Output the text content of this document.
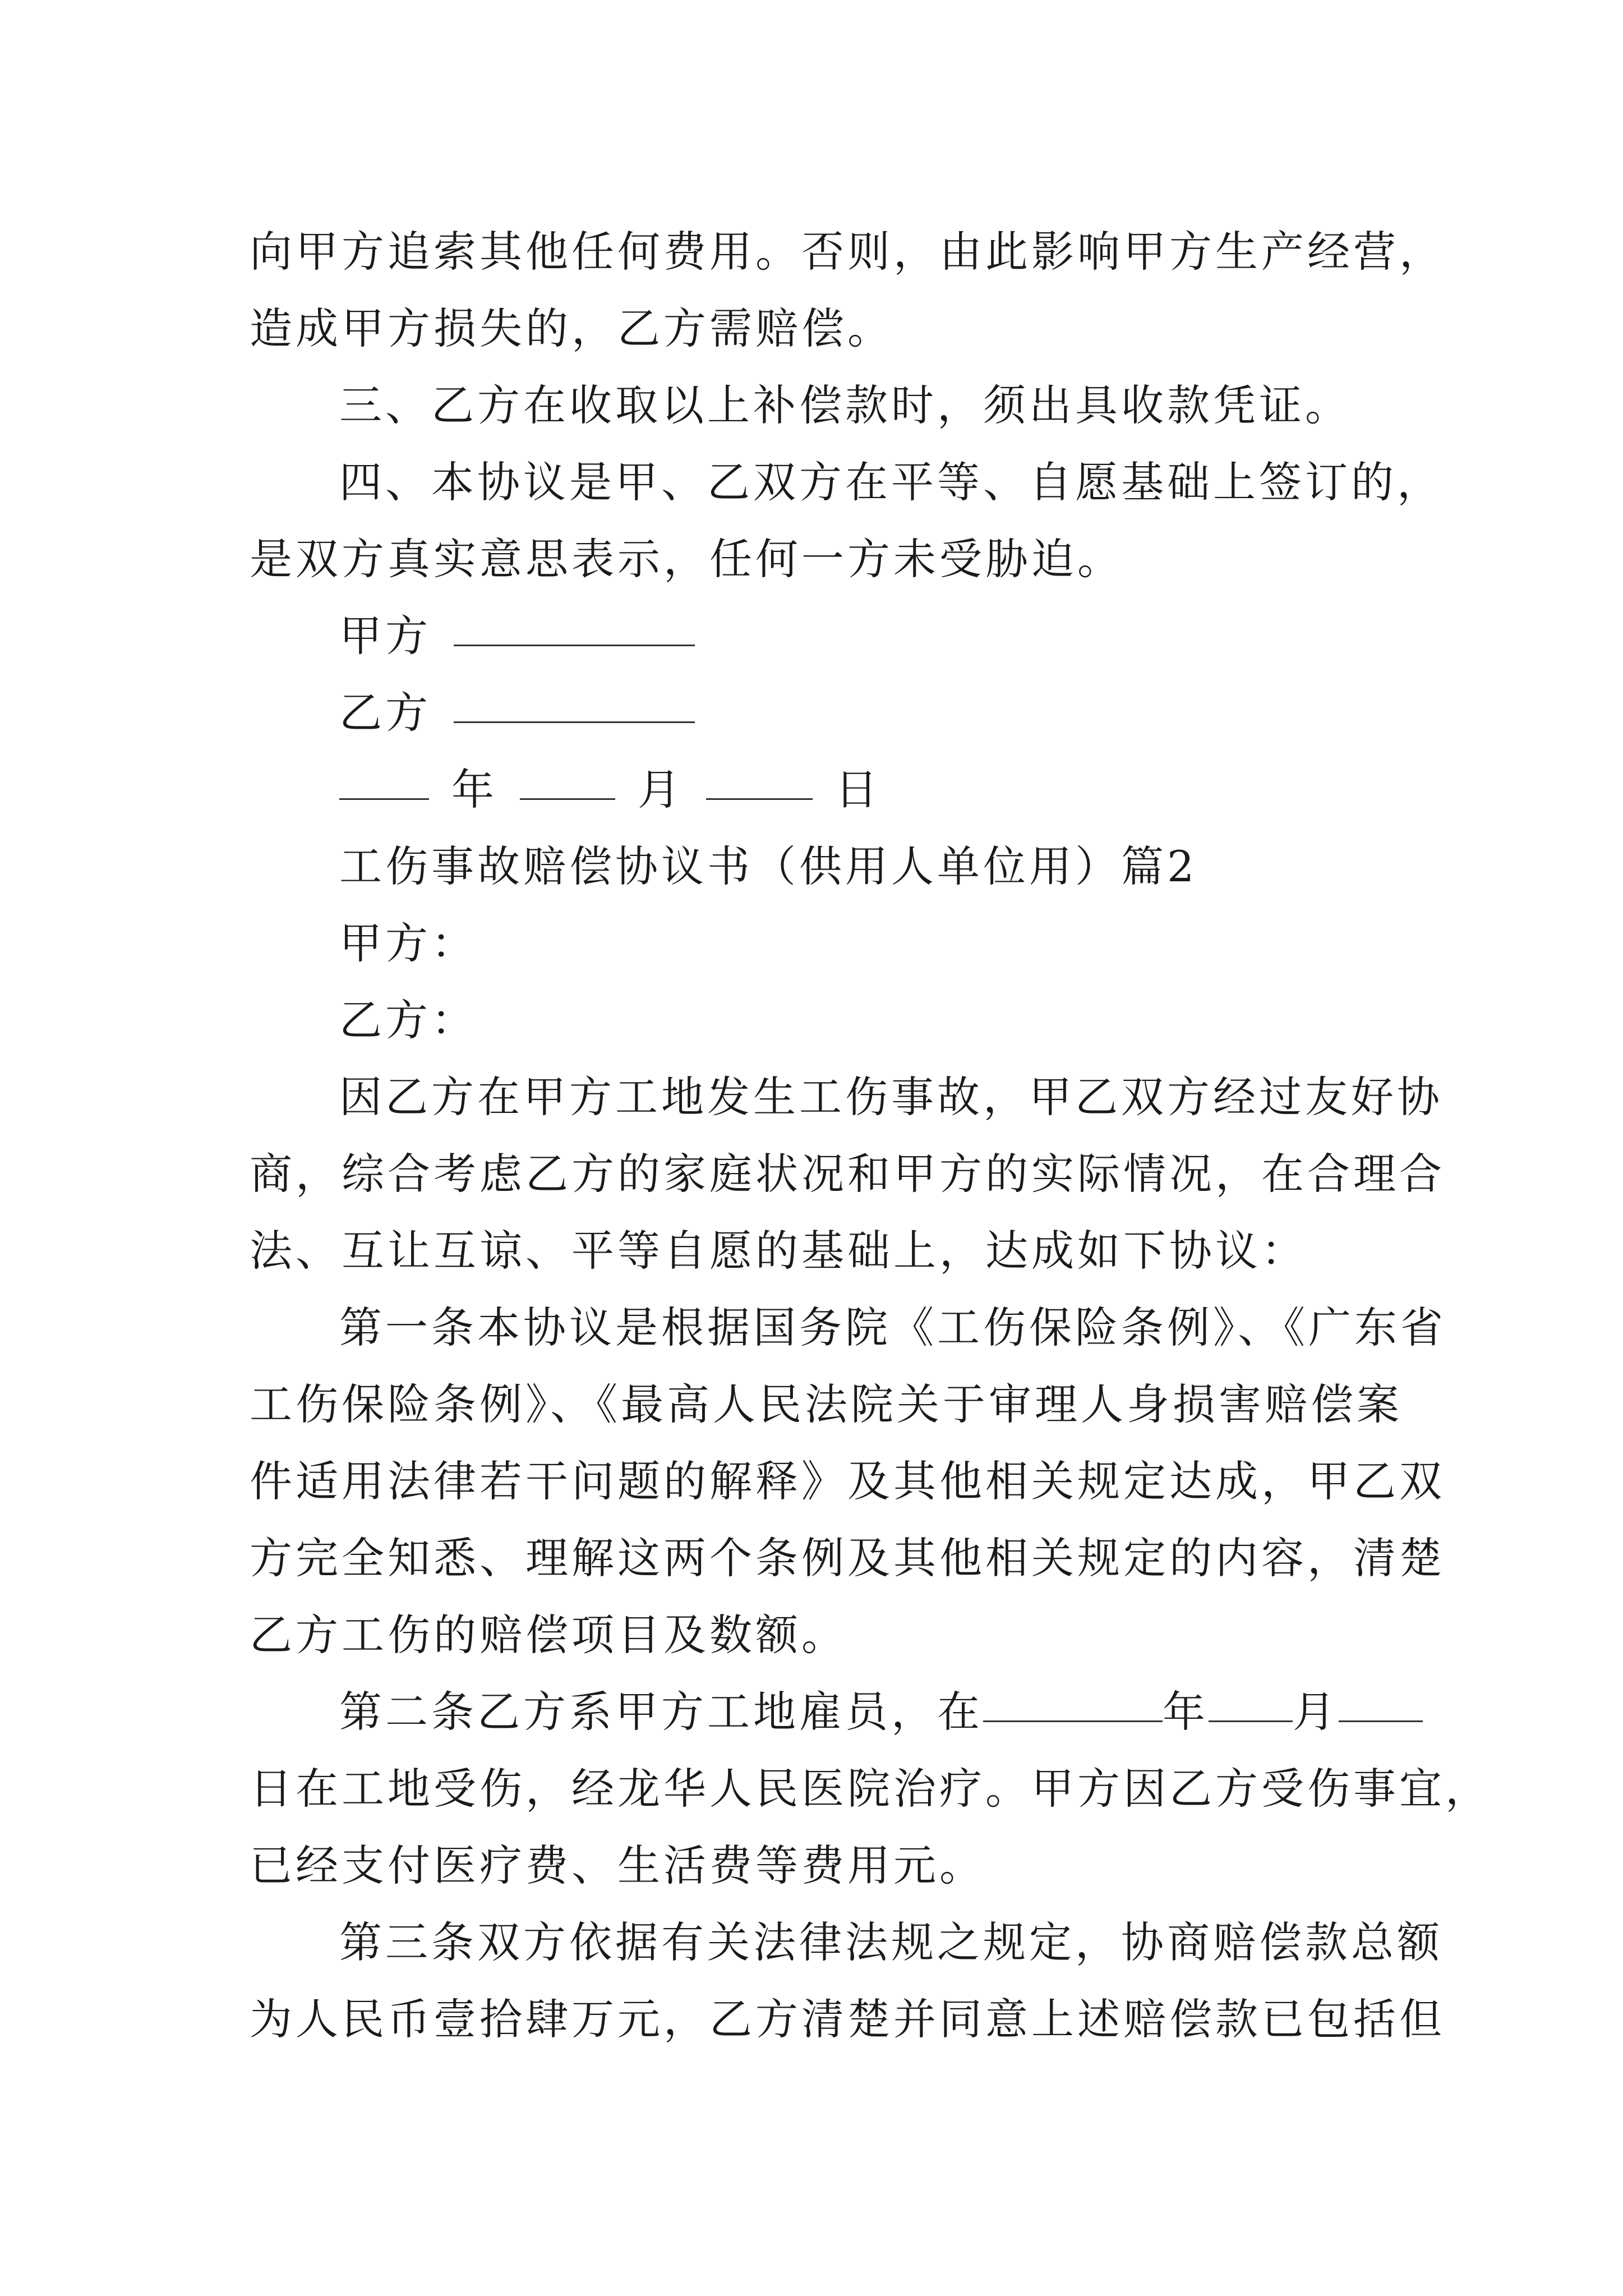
向甲方追索其他任何费用。否则，由此影响甲方生产经营，
造成甲方损失的，乙方需赔偿。
三、乙方在收取以上补偿款时，须出具收款凭证。
四、本协议是甲、乙双方在平等、自愿基础上签订的，
是双方真实意思表示，任何一方未受胁迫。
甲方
乙方
年	月	日
工伤事故赔偿协议书（供用人单位用）篇2
甲方：
乙方：
因乙方在甲方工地发生工伤事故，甲乙双方经过友好协
商，综合考虑乙方的家庭状况和甲方的实际情况，在合理合
法、互让互谅、平等自愿的基础上，达成如下协议：
第一条本协议是根据国务院《工伤保险条例》、《广东省
工伤保险条例》、《最高人民法院关于审理人身损害赔偿案
件适用法律若干问题的解释》及其他相关规定达成，甲乙双
方完全知悉、理解这两个条例及其他相关规定的内容，清楚
乙方工伤的赔偿项目及数额。
第二条乙方系甲方工地雇员，在	年 月
日在工地受伤，经龙华人民医院治疗。甲方因乙方受伤事宜，
已经支付医疗费、生活费等费用元。
第三条双方依据有关法律法规之规定，协商赔偿款总额
为人民币壹拾肆万元，乙方清楚并同意上述赔偿款已包括但
